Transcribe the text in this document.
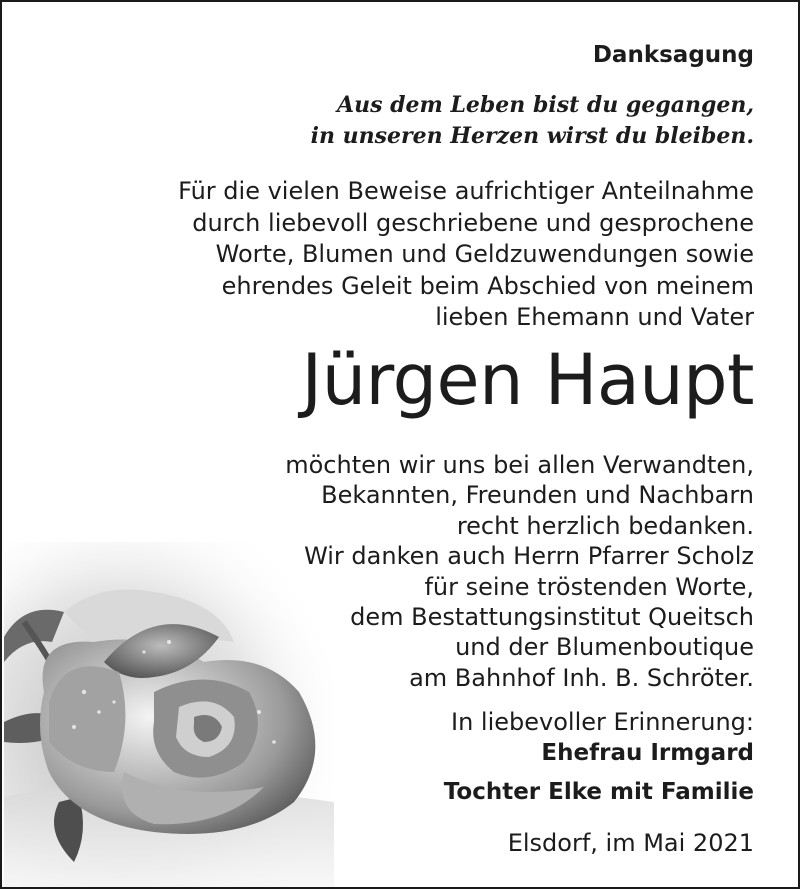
Danksagung
Aus dem Leben bist du gegangen,
in unseren Herzen wirst du bleiben.
Für die vielen Beweise aufrichtiger Anteilnahme
durch liebevoll geschriebene und gesprochene
Worte, Blumen und Geldzuwendungen sowie
ehrendes Geleit beim Abschied von meinem
lieben Ehemann und Vater
Jürgen Haupt
möchten wir uns bei allen Verwandten,
Bekannten, Freunden und Nachbarn
recht herzlich bedanken.
Wir danken auch Herrn Pfarrer Scholz
für seine tröstenden Worte,
dem Bestattungsinstitut Queitsch
und der Blumenboutique
am Bahnhof Inh. B. Schröter.
In liebevoller Erinnerung:
Ehefrau Irmgard
Tochter Elke mit Familie
Elsdorf, im Mai 2021
